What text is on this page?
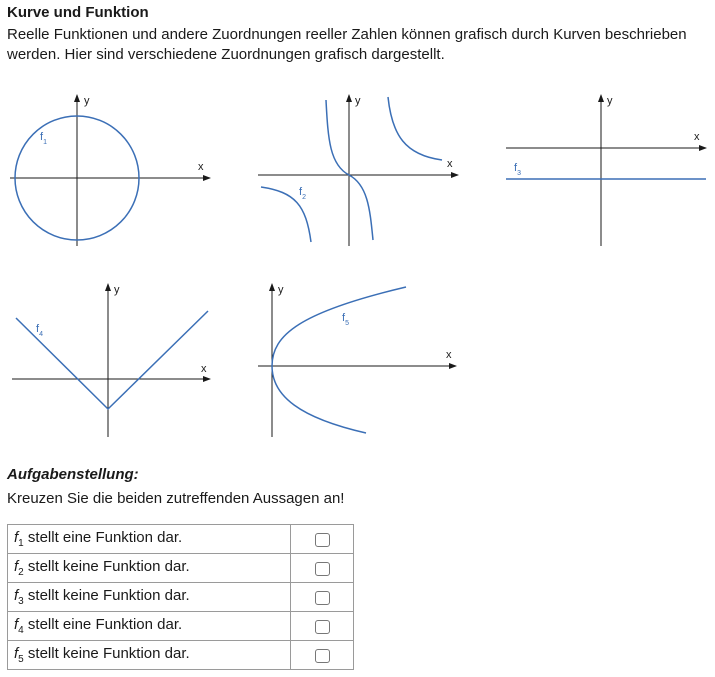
Kurve und Funktion
Reelle Funktionen und andere Zuordnungen reeller Zahlen können grafisch durch Kurven beschrieben werden. Hier sind verschiedene Zuordnungen grafisch dargestellt.
x
y
$f_1$
x
y
$f_2$
x
y
$f_3$
x
y
$f_4$
x
y
$f_5$
Aufgabenstellung:
Kreuzen Sie die beiden zutreffenden Aussagen an!
$f_1$ stellt eine Funktion dar.	
$f_2$ stellt keine Funktion dar.	
$f_3$ stellt keine Funktion dar.	
$f_4$ stellt eine Funktion dar.	
$f_5$ stellt keine Funktion dar.	
